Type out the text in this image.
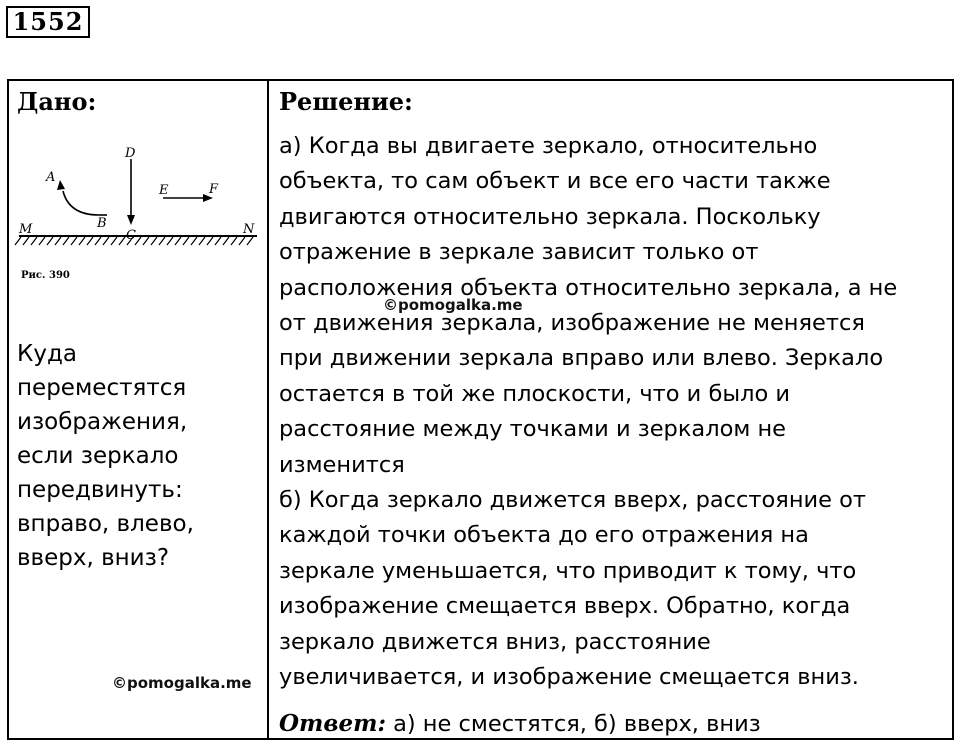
1552
Дано:
A
B
D
C
E	F
M	N
Рис. 390
Куда
переместятся
изображения,
если зеркало
передвинуть:
вправо, влево,
вверх, вниз?
Решение:
а) Когда вы двигаете зеркало, относительно
объекта, то сам объект и все его части также
двигаются относительно зеркала. Поскольку
отражение в зеркале зависит только от
расположения объекта относительно зеркала, а не
от движения зеркала, изображение не меняется
при движении зеркала вправо или влево. Зеркало
остается в той же плоскости, что и было и
расстояние между точками и зеркалом не
изменится
б) Когда зеркало движется вверх, расстояние от
каждой точки объекта до его отражения на
зеркале уменьшается, что приводит к тому, что
изображение смещается вверх. Обратно, когда
зеркало движется вниз, расстояние
увеличивается, и изображение смещается вниз.
Ответ: а) не сместятся, б) вверх, вниз
©pomogalka.me
©pomogalka.me
